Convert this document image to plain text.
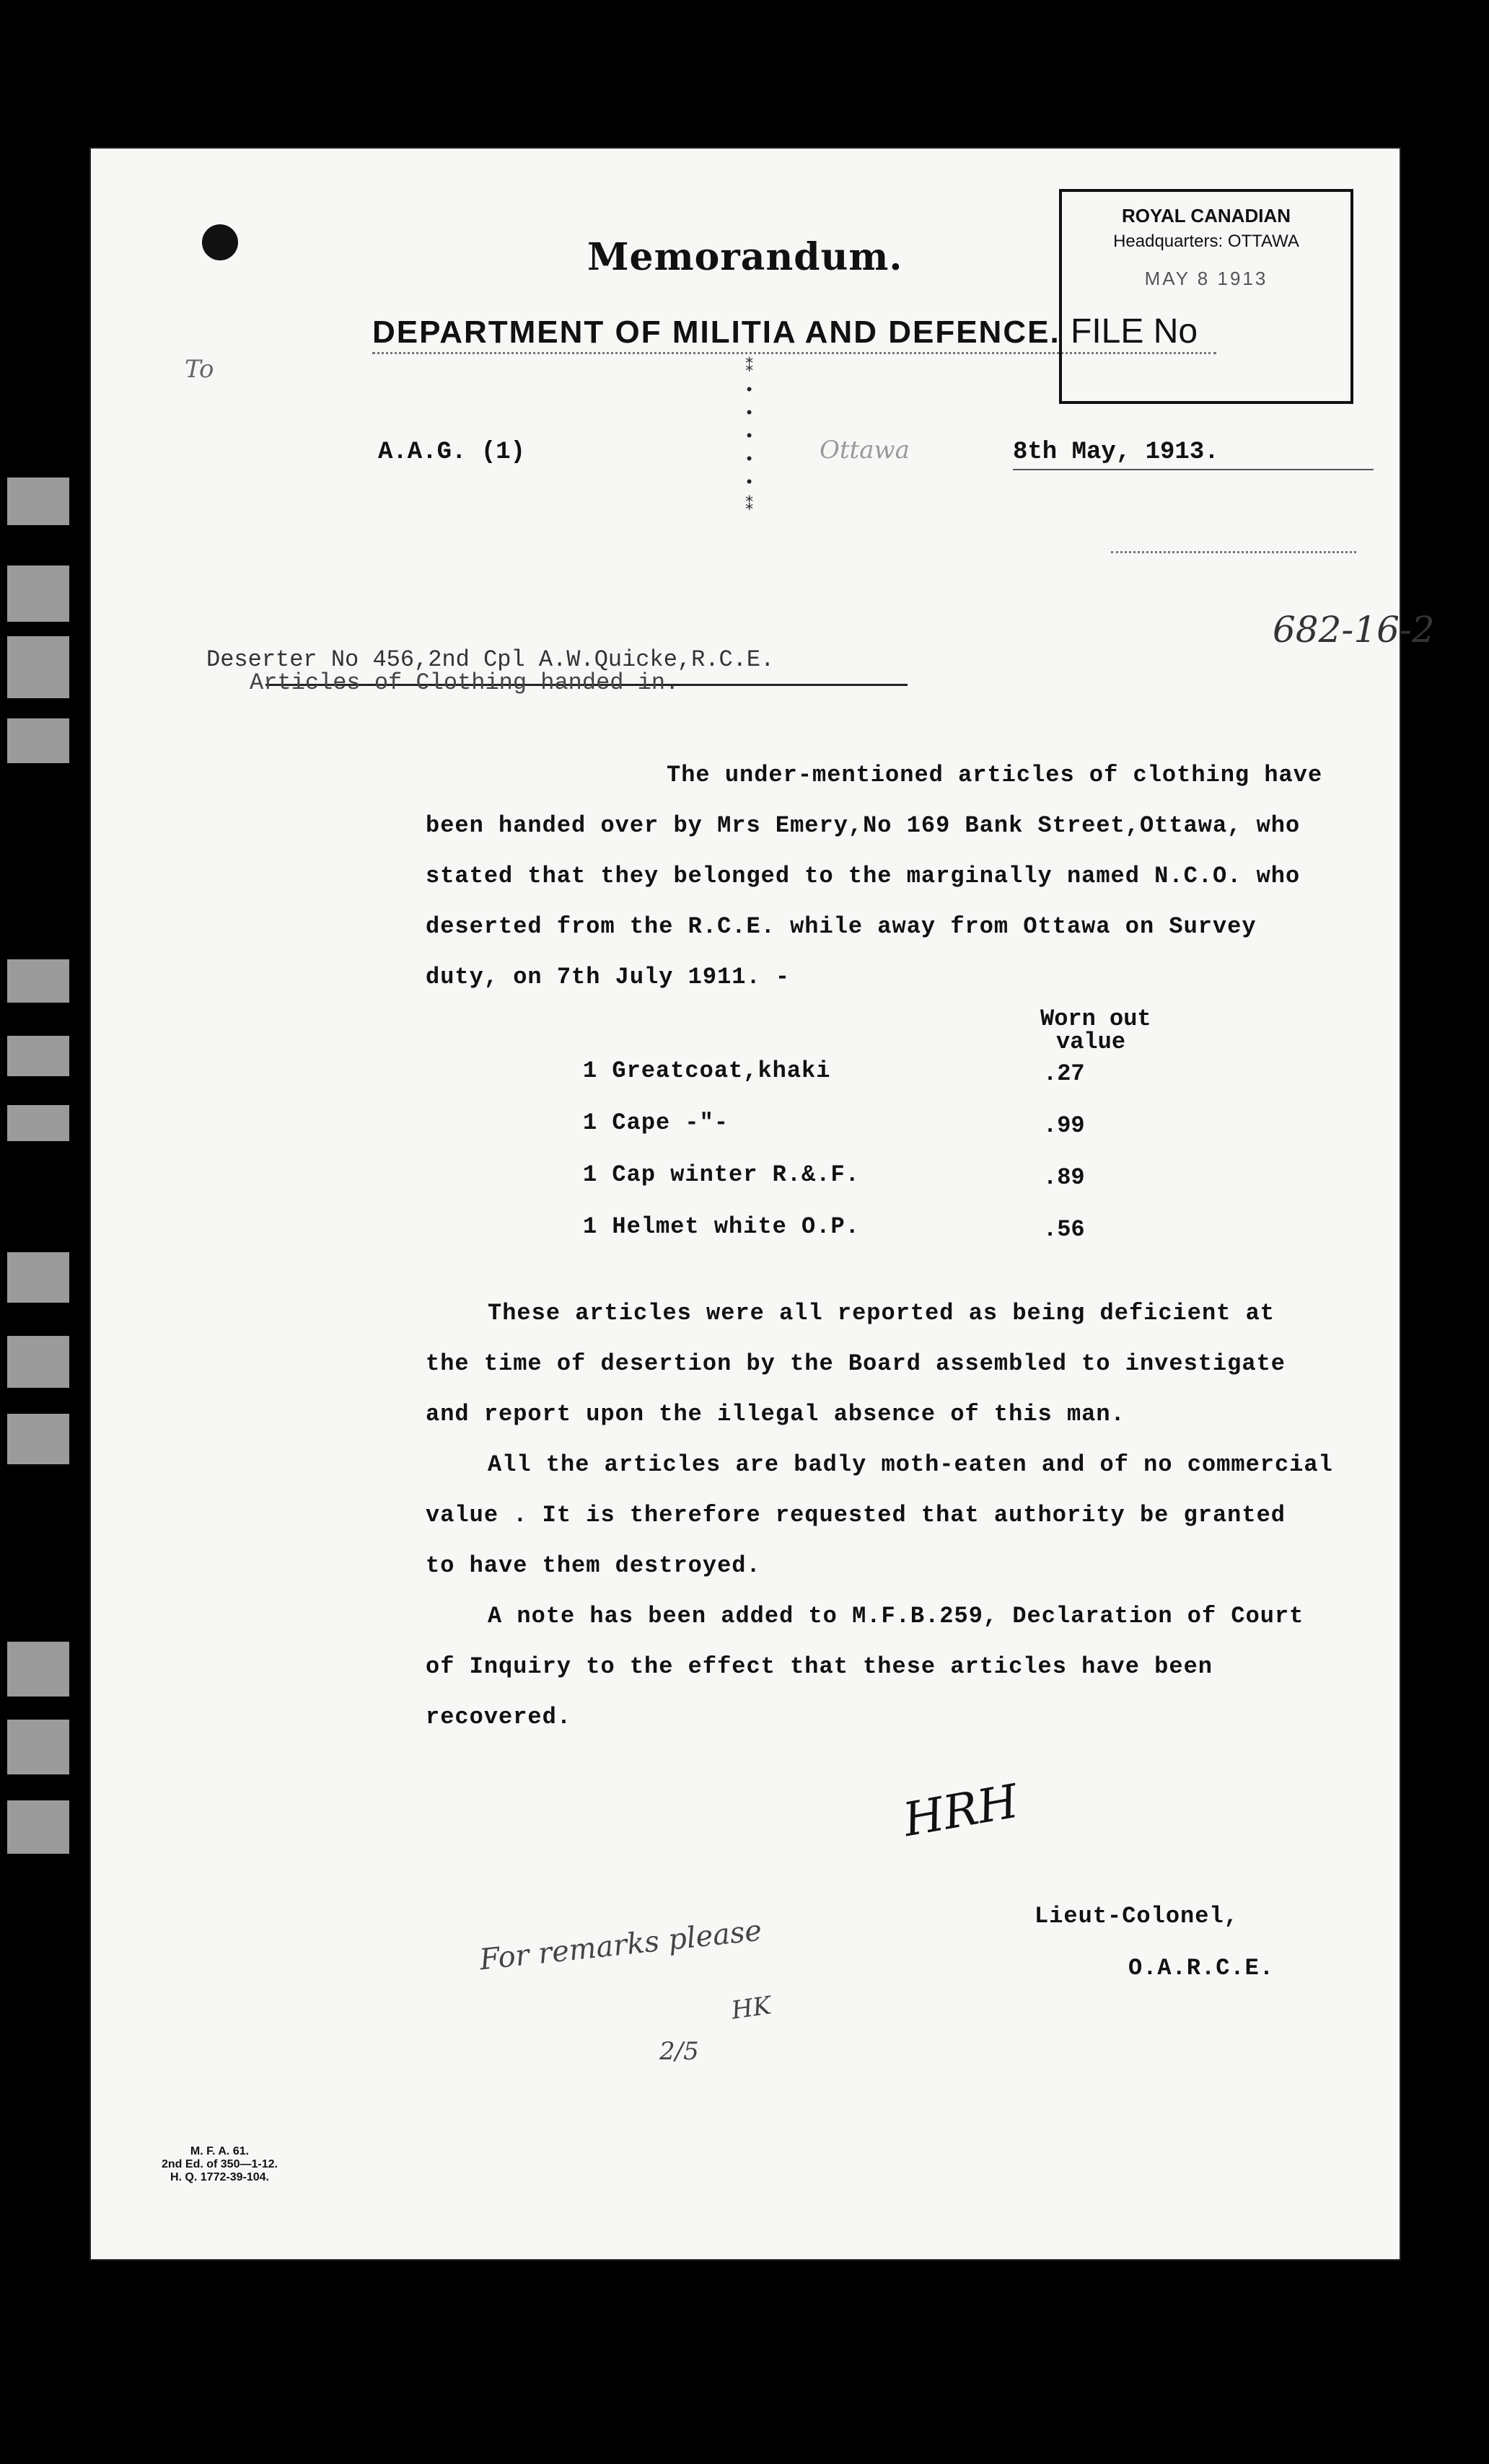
Memorandum.
DEPARTMENT OF MILITIA AND DEFENCE.
To	⁑
•
•
•
•
•
⁑
A.A.G. (1)	Ottawa	8th May, 1913.
ROYAL CANADIAN
Headquarters: OTTAWA
MAY 8 1913
FILE No
682-16-2
Deserter No 456,2nd Cpl A.W.Quicke,R.C.E.
Articles of Clothing handed in.
The under-mentioned articles of clothing have
been handed over by Mrs Emery,No 169 Bank Street,Ottawa, who
stated that they belonged to the marginally named N.C.O. who
deserted from the R.C.E. while away from Ottawa on Survey
duty, on 7th July 1911. -
Worn out
value
1 Greatcoat,khaki	.27
1 Cape -"-	.99
1 Cap winter R.&.F.	.89
1 Helmet white O.P.	.56
These articles were all reported as being deficient at
the time of desertion by the Board assembled to investigate
and report upon the illegal absence of this man.
All the articles are badly moth-eaten and of no commercial
value . It is therefore requested that authority be granted
to have them destroyed.
A note has been added to M.F.B.259, Declaration of Court
of Inquiry to the effect that these articles have been
recovered.
HRH
Lieut-Colonel,
O.A.R.C.E.
For remarks please
HK
2/5
M. F. A. 61.
2nd Ed. of 350—1-12.
H. Q. 1772-39-104.
